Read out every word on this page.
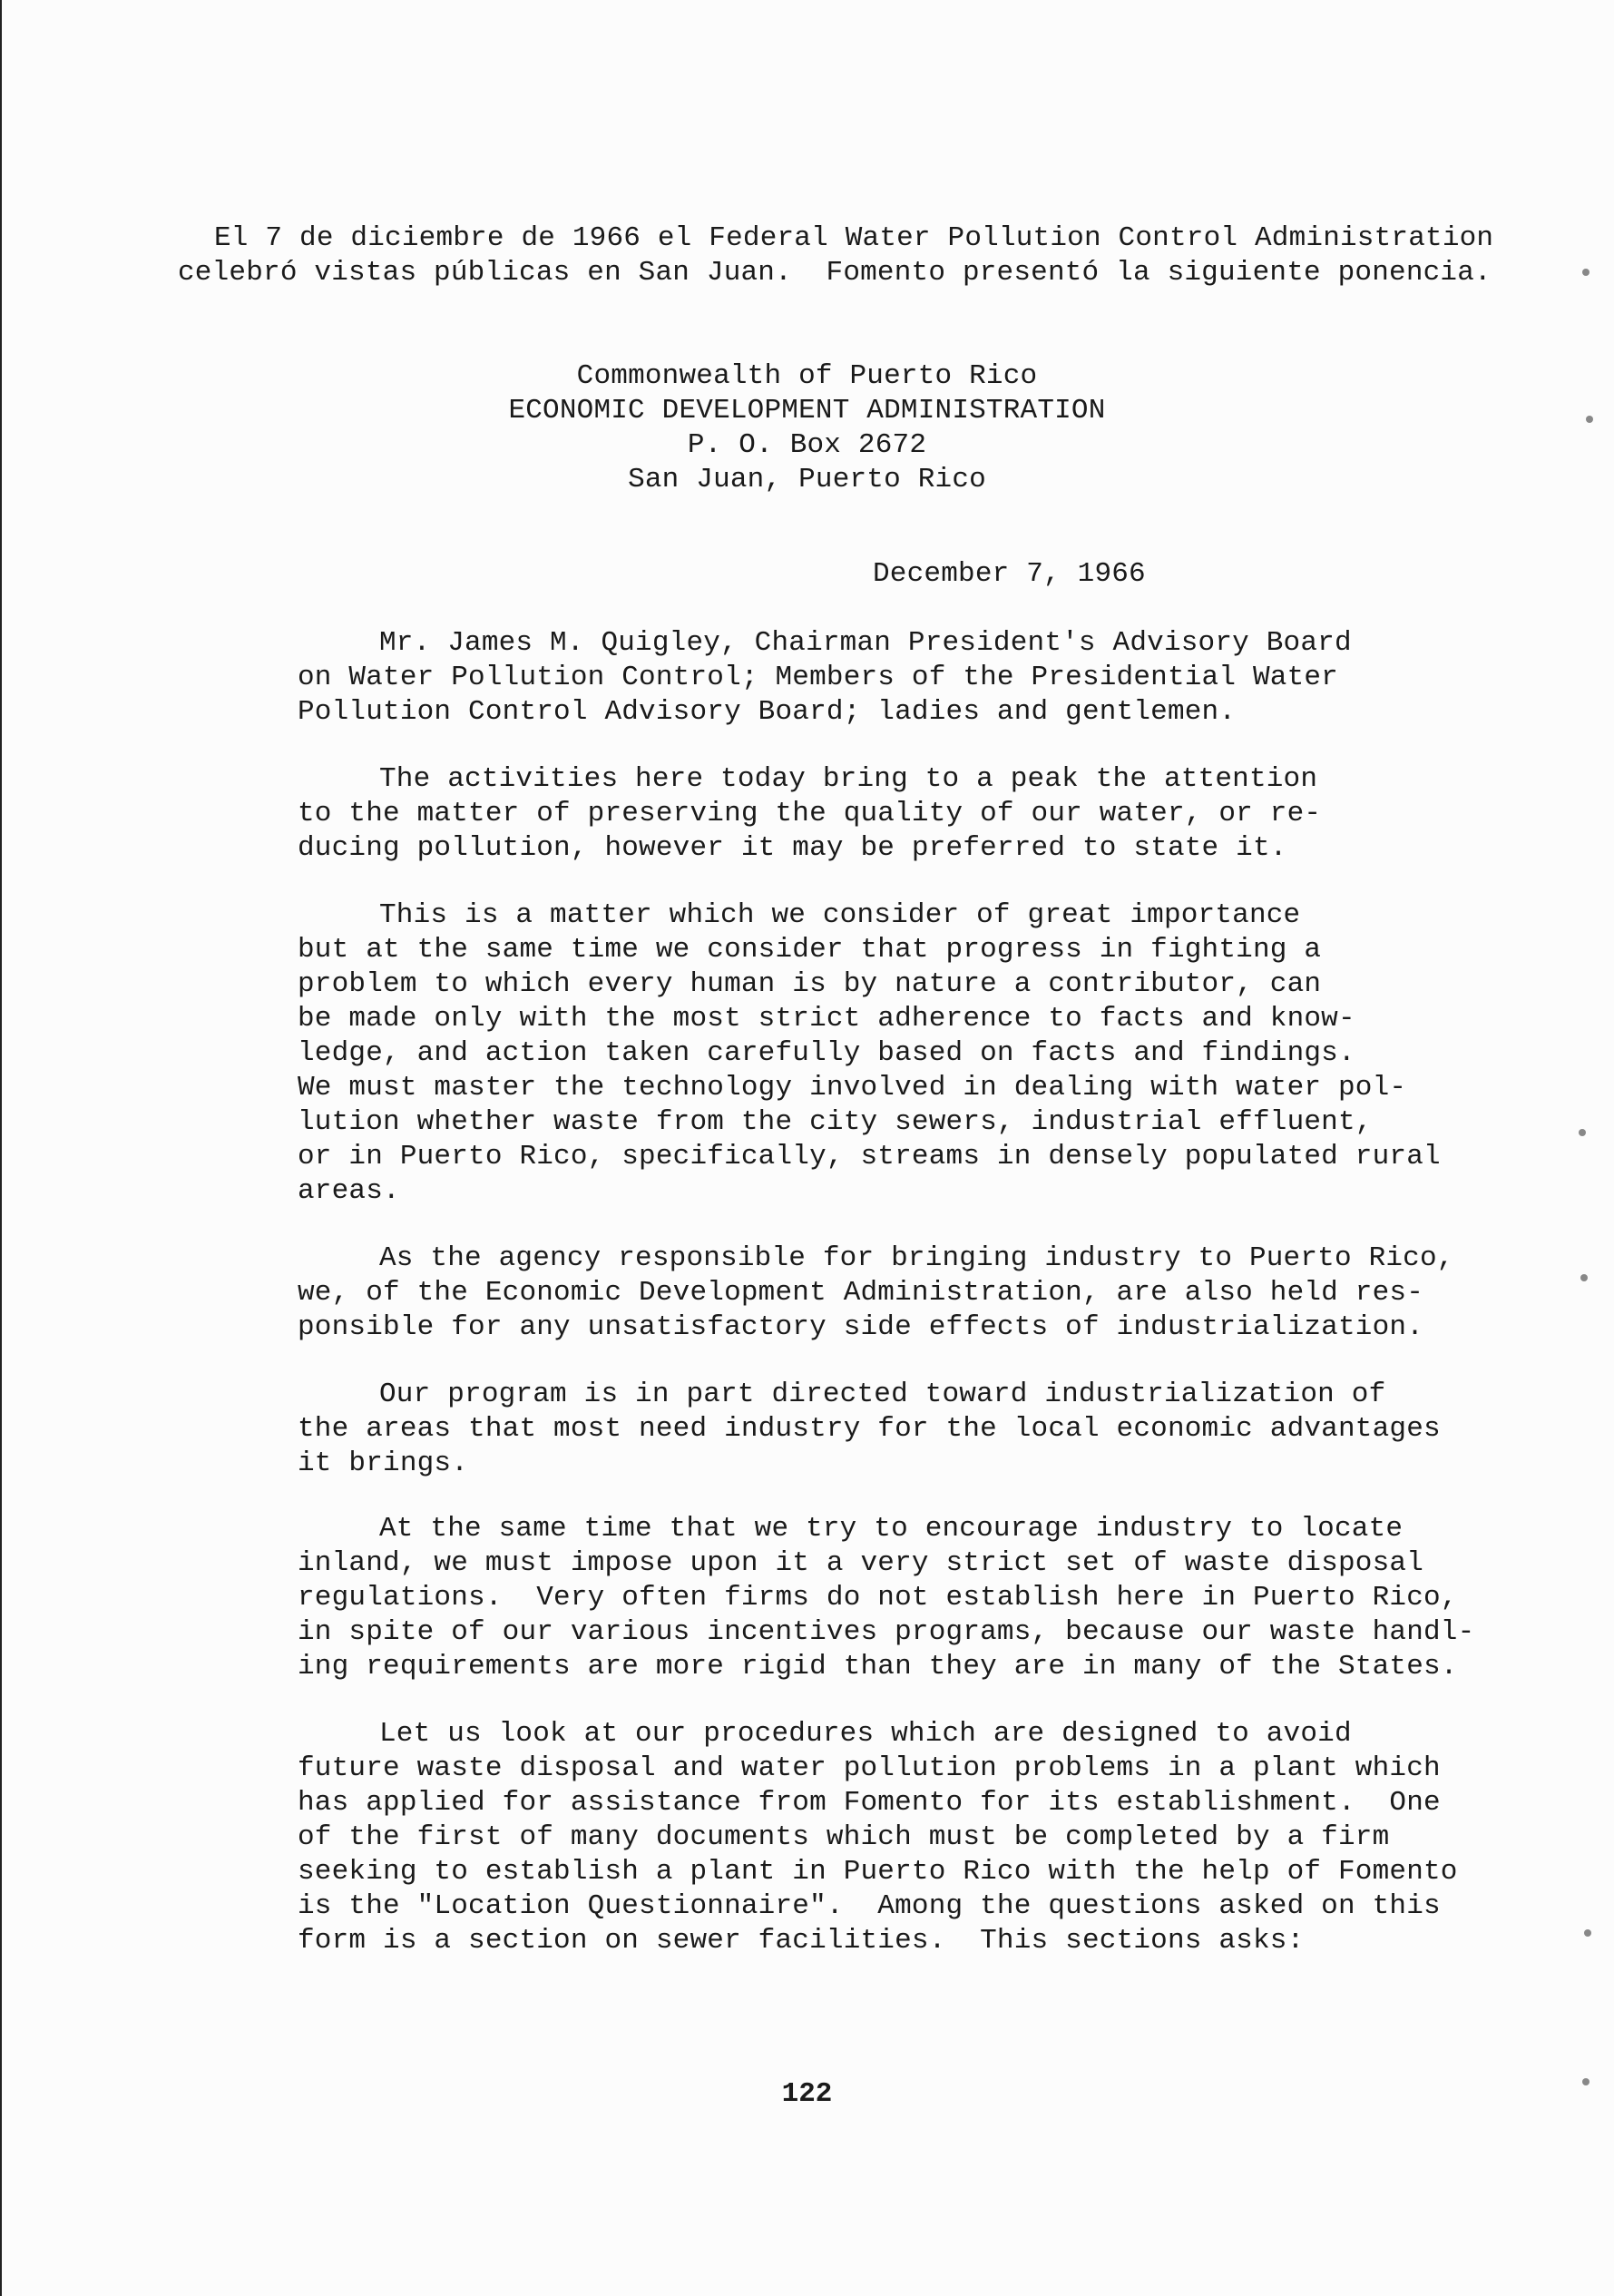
El 7 de diciembre de 1966 el Federal Water Pollution Control Administration
celebró vistas públicas en San Juan.  Fomento presentó la siguiente ponencia.
Commonwealth of Puerto Rico
ECONOMIC DEVELOPMENT ADMINISTRATION
P. O. Box 2672
San Juan, Puerto Rico
December 7, 1966
Mr. James M. Quigley, Chairman President's Advisory Board
on Water Pollution Control; Members of the Presidential Water
Pollution Control Advisory Board; ladies and gentlemen.
The activities here today bring to a peak the attention
to the matter of preserving the quality of our water, or re-
ducing pollution, however it may be preferred to state it.
This is a matter which we consider of great importance
but at the same time we consider that progress in fighting a
problem to which every human is by nature a contributor, can
be made only with the most strict adherence to facts and know-
ledge, and action taken carefully based on facts and findings.
We must master the technology involved in dealing with water pol-
lution whether waste from the city sewers, industrial effluent,
or in Puerto Rico, specifically, streams in densely populated rural
areas.
As the agency responsible for bringing industry to Puerto Rico,
we, of the Economic Development Administration, are also held res-
ponsible for any unsatisfactory side effects of industrialization.
Our program is in part directed toward industrialization of
the areas that most need industry for the local economic advantages
it brings.
At the same time that we try to encourage industry to locate
inland, we must impose upon it a very strict set of waste disposal
regulations.  Very often firms do not establish here in Puerto Rico,
in spite of our various incentives programs, because our waste handl-
ing requirements are more rigid than they are in many of the States.
Let us look at our procedures which are designed to avoid
future waste disposal and water pollution problems in a plant which
has applied for assistance from Fomento for its establishment.  One
of the first of many documents which must be completed by a firm
seeking to establish a plant in Puerto Rico with the help of Fomento
is the "Location Questionnaire".  Among the questions asked on this
form is a section on sewer facilities.  This sections asks:
122
